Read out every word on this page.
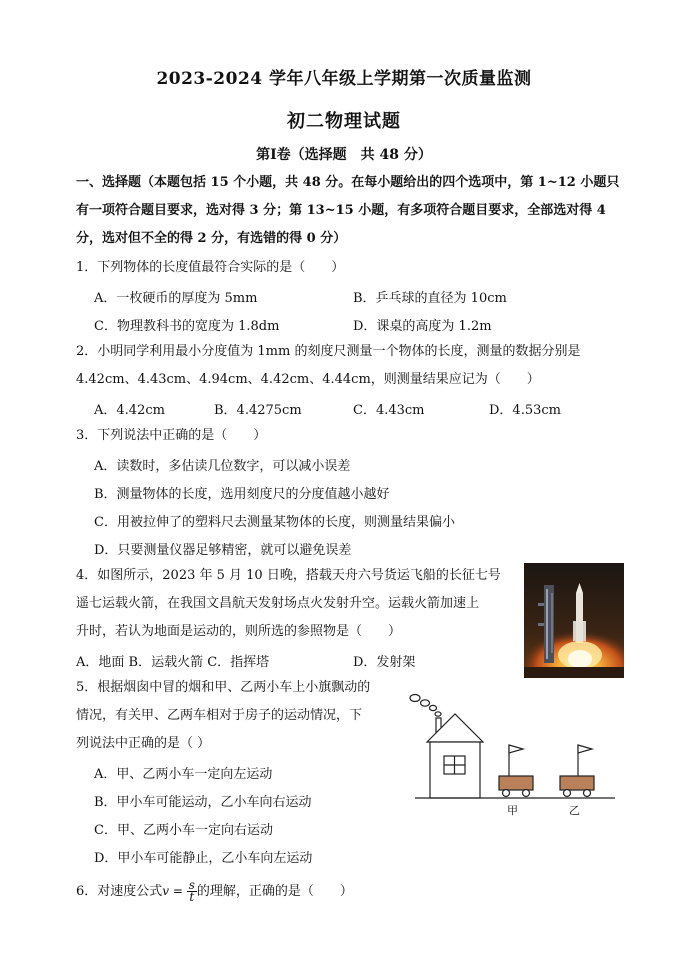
2023-2024 学年八年级上学期第一次质量监测
初二物理试题
第Ⅰ卷（选择题　共 48 分）
一、选择题（本题包括 15 个小题，共 48 分。在每小题给出的四个选项中，第 1~12 小题只
有一项符合题目要求，选对得 3 分；第 13~15 小题，有多项符合题目要求，全部选对得 4
分，选对但不全的得 2 分，有选错的得 0 分）
1．下列物体的长度值最符合实际的是（　　）
A．一枚硬币的厚度为 5mm	B．乒乓球的直径为 10cm
C．物理教科书的宽度为 1.8dm	D．课桌的高度为 1.2m
2．小明同学利用最小分度值为 1mm 的刻度尺测量一个物体的长度，测量的数据分别是
4.42cm、4.43cm、4.94cm、4.42cm、4.44cm，则测量结果应记为（　　）
A．4.42cm	B．4.4275cm	C．4.43cm	D．4.53cm
3．下列说法中正确的是（　　）
A．读数时，多估读几位数字，可以减小误差
B．测量物体的长度，选用刻度尺的分度值越小越好
C．用被拉伸了的塑料尺去测量某物体的长度，则测量结果偏小
D．只要测量仪器足够精密，就可以避免误差
4．如图所示，2023 年 5 月 10 日晚，搭载天舟六号货运飞船的长征七号
遥七运载火箭，在我国文昌航天发射场点火发射升空。运载火箭加速上
升时，若认为地面是运动的，则所选的参照物是（　　）
A．地面 B．运载火箭 C．指挥塔	D．发射架
5．根据烟囱中冒的烟和甲、乙两小车上小旗飘动的
情况，有关甲、乙两车相对于房子的运动情况，下
列说法中正确的是（ ）
A．甲、乙两小车一定向左运动
B．甲小车可能运动，乙小车向右运动
C．甲、乙两小车一定向右运动
D．甲小车可能静止，乙小车向左运动
甲	乙
6．对速度公式$v = \frac{s}{t}$ 的理解，正确的是（　　）
